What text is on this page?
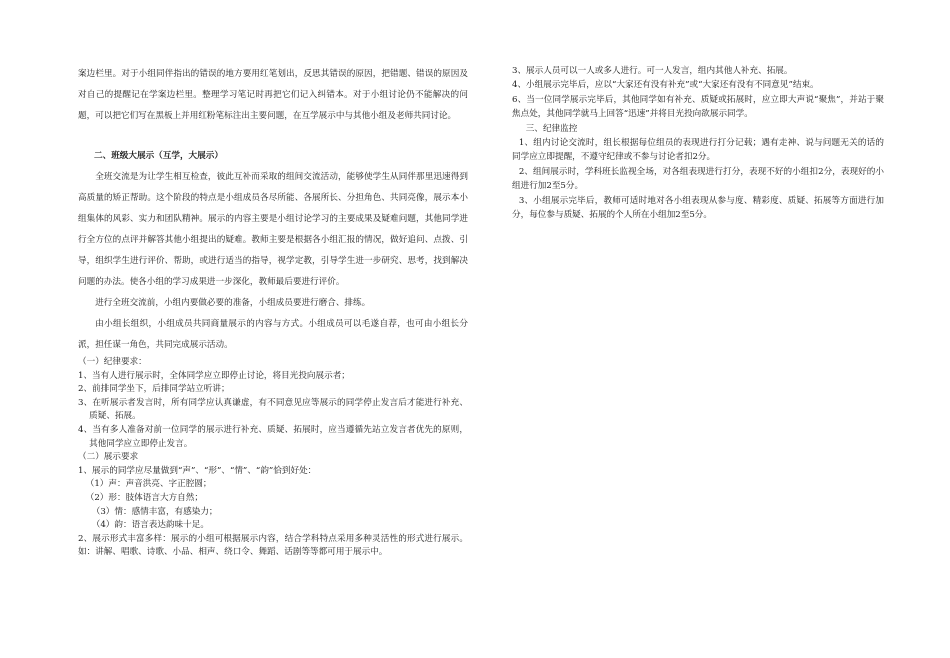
案边栏里。对于小组同伴指出的错误的地方要用红笔划出，反思其错误的原因，把错题、错误的原因及对自己的提醒记在学案边栏里。整理学习笔记时再把它们记入纠错本。对于小组讨论仍不能解决的问题，可以把它们写在黑板上并用红粉笔标注出主要问题，在互学展示中与其他小组及老师共同讨论。

二、班级大展示（互学，大展示）

全班交流是为让学生相互检查，彼此互补而采取的组间交流活动，能够使学生从同伴那里迅速得到高质量的矫正帮助。这个阶段的特点是小组成员各尽所能、各展所长、分担角色、共同亮像，展示本小组集体的风彩、实力和团队精神。展示的内容主要是小组讨论学习的主要成果及疑难问题，其他同学进行全方位的点评并解答其他小组提出的疑难。教师主要是根据各小组汇报的情况，做好追问、点拨、引导，组织学生进行评价、帮助，或进行适当的指导，视学定教，引导学生进一步研究、思考，找到解决问题的办法。使各小组的学习成果进一步深化，教师最后要进行评价。

进行全班交流前，小组内要做必要的准备，小组成员要进行磨合、排练。

由小组长组织，小组成员共同商量展示的内容与方式。小组成员可以毛遂自荐，也可由小组长分派，担任谋一角色，共同完成展示活动。

（一）纪律要求：

1、当有人进行展示时，全体同学应立即停止讨论，将目光投向展示者；

2、前排同学坐下，后排同学站立听讲；

3、在听展示者发言时，所有同学应认真谦虚，有不同意见应等展示的同学停止发言后才能进行补充、质疑、拓展。

4、当有多人准备对前一位同学的展示进行补充、质疑、拓展时，应当遵循先站立发言者优先的原则，其他同学应立即停止发言。

（二）展示要求

1、展示的同学应尽量做到“声”、“形”、“情”、“韵”恰到好处：

（1）声：声音洪亮、字正腔圆；

（2）形：肢体语言大方自然；

（3）情：感情丰富，有感染力；

（4）韵：语言表达韵味十足。

2、展示形式丰富多样：展示的小组可根据展示内容，结合学科特点采用多种灵活性的形式进行展示。如：讲解、唱歌、诗歌、小品、相声、绕口令、舞蹈、话剧等等都可用于展示中。

3、展示人员可以一人或多人进行。可一人发言，组内其他人补充、拓展。

4、小组展示完毕后，应以“大家还有没有补充”或“大家还有没有不同意见”结束。

6、当一位同学展示完毕后，其他同学如有补充、质疑或拓展时，应立即大声说“聚焦”，并站于聚焦点处，其他同学就马上回答“迅速”并将目光投向欲展示同学。

三、纪律监控

1、组内讨论交流时，组长根据每位组员的表现进行打分记载；遇有走神、说与问题无关的话的同学应立即提醒，不遵守纪律或不参与讨论者扣2分。

2、组间展示时，学科班长监视全场，对各组表现进行打分，表现不好的小组扣2分，表现好的小组进行加2至5分。

3、小组展示完毕后，教师可适时地对各小组表现从参与度、精彩度、质疑、拓展等方面进行加分，每位参与质疑、拓展的个人所在小组加2至5分。
